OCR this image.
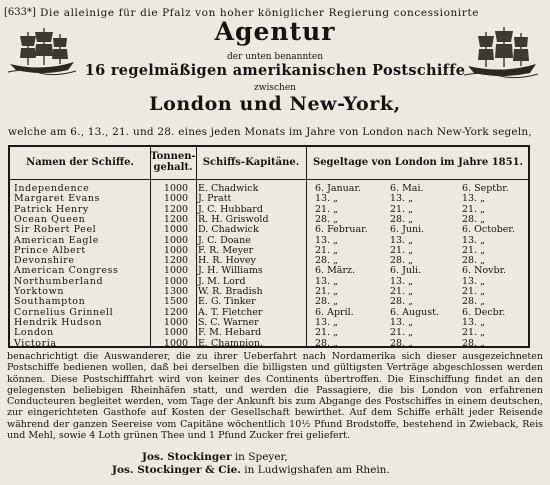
[633*] Die alleinige für die Pfalz von hoher königlicher Regierung concessionirte
Agentur
der unten benannten
16 regelmäßigen amerikanischen Postschiffe
zwischen
London und New-York,
welche am 6., 13., 21. und 28. eines jeden Monats im Jahre von London nach New-York segeln,
Namen der Schiffe.
Tonnen-
gehalt.	Schiffs-Kapitäne.	Segeltage von London im Jahre 1851.
Independence	1000	E. Chadwick	6. Januar.	6. Mai.	6. Septbr.
Margaret Evans	1000	J. Pratt	13. „	13. „	13. „
Patrick Henry	1200	J. C. Hubbard	21. „	21. „	21. „
Ocean Queen	1200	R. H. Griswold	28. „	28. „	28. „
Sir Robert Peel	1000	D. Chadwick	6. Februar. 6. Juni.	6. October.
American Eagle	1000	J. C. Doane	13. „	13. „	13. „
Prince Albert	1000	F. R. Meyer	21. „	21. „	21. „
Devonshire	1200	H. R. Hovey	28. „	28. „	28. „
American Congress	1000	J. H. Williams	6. März.	6. Juli.	6. Novbr.
Northumberland	1000	J. M. Lord	13. „	13. „	13. „
Yorktown	1300	W. R. Bradish	21. „	21. „	21. „
Southampton	1500	E. G. Tinker	28. „	28. „	28. „
Cornelius Grinnell	1200	A. T. Fletcher	6. April.	6. August. 6. Decbr.
Hendrik Hudson	1000	S. C. Warner	13. „	13. „	13. „
London	1000	F. M. Hebard	21. „	21. „	21. „
Victoria	1000	E. Champion.	28. „	28. „	28. „
benachrichtigt die Auswanderer, die zu ihrer Ueberfahrt nach Nordamerika sich dieser ausgezeichneten Postschiffe bedienen wollen, daß bei derselben die billigsten und gültigsten Verträge abgeschlossen werden können. Diese Postschifffahrt wird von keiner des Continents übertroffen. Die Einschiffung findet an den gelegensten beliebigen Rheinhäfen statt, und werden die Passagiere, die bis London von erfahrenen Conducteuren begleitet werden, vom Tage der Ankunft bis zum Abgange des Postschiffes in einem deutschen, zur eingerichteten Gasthofe auf Kosten der Gesellschaft bewirthet. Auf dem Schiffe erhält jeder Reisende während der ganzen Seereise vom Capitäne wöchentlich 10½ Pfund Brodstoffe, bestehend in Zwieback, Reis und Mehl, sowie 4 Loth grünen Thee und 1 Pfund Zucker frei geliefert.
Jos. Stockinger in Speyer,
Jos. Stockinger & Cie. in Ludwigshafen am Rhein.
